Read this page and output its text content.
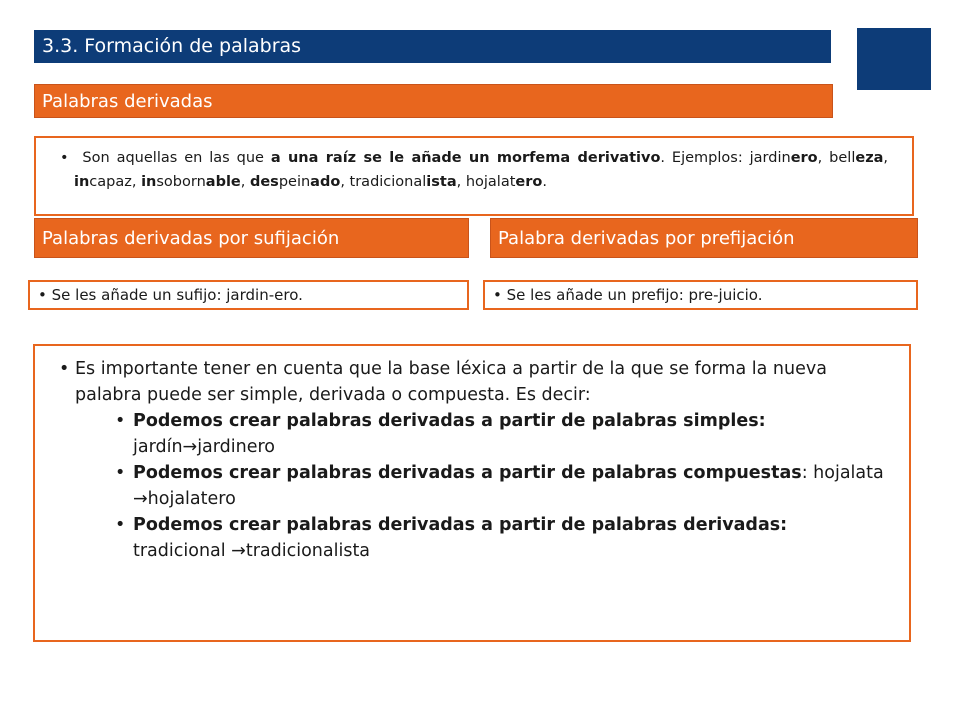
3.3. Formación de palabras
Palabras derivadas

• Son aquellas en las que a una raíz se le añade un morfema derivativo. Ejemplos: jardinero, belleza, incapaz, insobornable, despeinado, tradicionalista, hojalatero.

Palabras derivadas por sufijación	Palabra derivadas por prefijación
•
Se les añade un sufijo: jardin-ero.	•
Se les añade un prefijo: pre-juicio.

• Es importante tener en cuenta que la base léxica a partir de la que se forma la nueva palabra puede ser simple, derivada o compuesta. Es decir:

• Podemos crear palabras derivadas a partir de palabras simples:
jardín→jardinero

• Podemos crear palabras derivadas a partir de palabras compuestas: hojalata →hojalatero

• Podemos crear palabras derivadas a partir de palabras derivadas:
tradicional →tradicionalista
